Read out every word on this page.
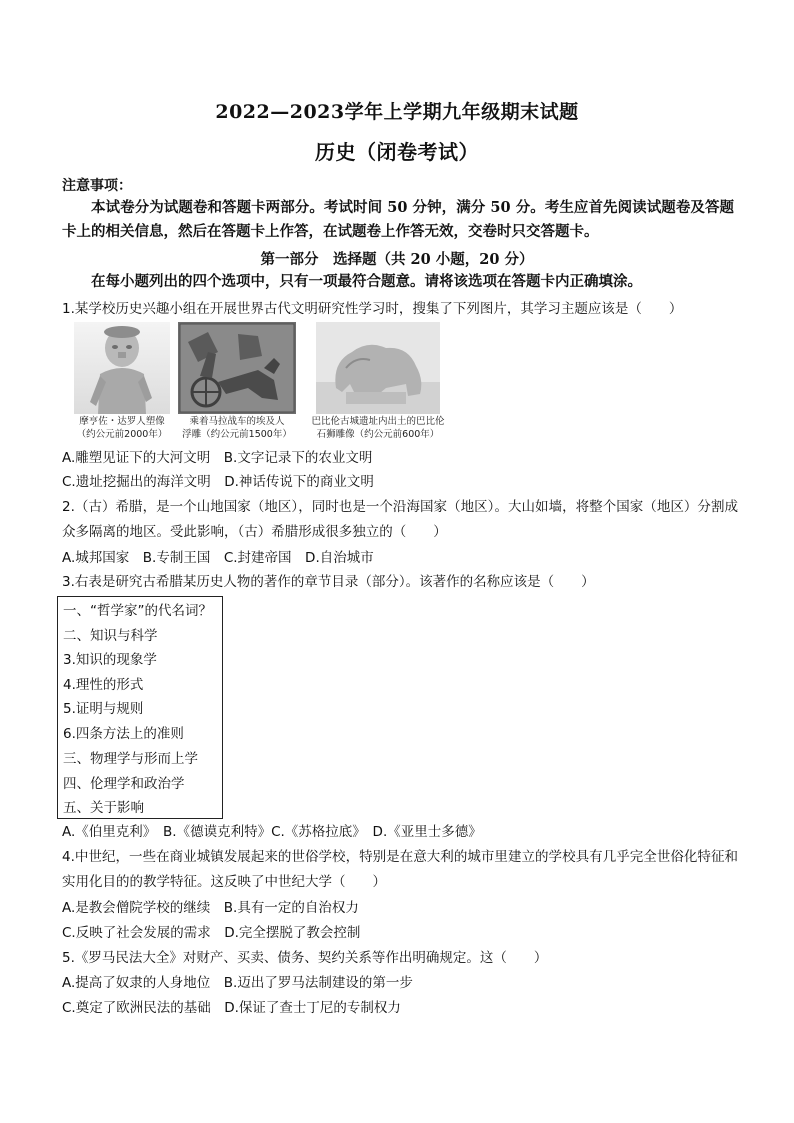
2022—2023学年上学期九年级期末试题
历史（闭卷考试）
注意事项：
本试卷分为试题卷和答题卡两部分。考试时间 50 分钟，满分 50 分。考生应首先阅读试题卷及答题卡上的相关信息，然后在答题卡上作答，在试题卷上作答无效，交卷时只交答题卡。
第一部分　选择题（共 20 小题，20 分）
在每小题列出的四个选项中，只有一项最符合题意。请将该选项在答题卡内正确填涂。
1.某学校历史兴趣小组在开展世界古代文明研究性学习时，搜集了下列图片，其学习主题应该是（　　）
摩亨佐・达罗人塑像
（约公元前2000年）
乘着马拉战车的埃及人
浮雕（约公元前1500年）
巴比伦古城遗址内出土的巴比伦
石狮雕像（约公元前600年）
A.雕塑见证下的大河文明　B.文字记录下的农业文明
C.遗址挖掘出的海洋文明　D.神话传说下的商业文明
2.（古）希腊，是一个山地国家（地区），同时也是一个沿海国家（地区）。大山如墙，将整个国家（地区）分割成众多隔离的地区。受此影响，（古）希腊形成很多独立的（　　）
A.城邦国家　B.专制王国　C.封建帝国　D.自治城市
3.右表是研究古希腊某历史人物的著作的章节目录（部分）。该著作的名称应该是（　　）
一、“哲学家”的代名词？
二、知识与科学
3.知识的现象学
4.理性的形式
5.证明与规则
6.四条方法上的准则
三、物理学与形而上学
四、伦理学和政治学
五、关于影响
A.《伯里克利》　B.《德谟克利特》C.《苏格拉底》　D.《亚里士多德》
4.中世纪，一些在商业城镇发展起来的世俗学校，特别是在意大利的城市里建立的学校具有几乎完全世俗化特征和实用化目的的教学特征。这反映了中世纪大学（　　）
A.是教会僧院学校的继续　B.具有一定的自治权力
C.反映了社会发展的需求　D.完全摆脱了教会控制
5.《罗马民法大全》对财产、买卖、债务、契约关系等作出明确规定。这（　　）
A.提高了奴隶的人身地位　B.迈出了罗马法制建设的第一步
C.奠定了欧洲民法的基础　D.保证了查士丁尼的专制权力
